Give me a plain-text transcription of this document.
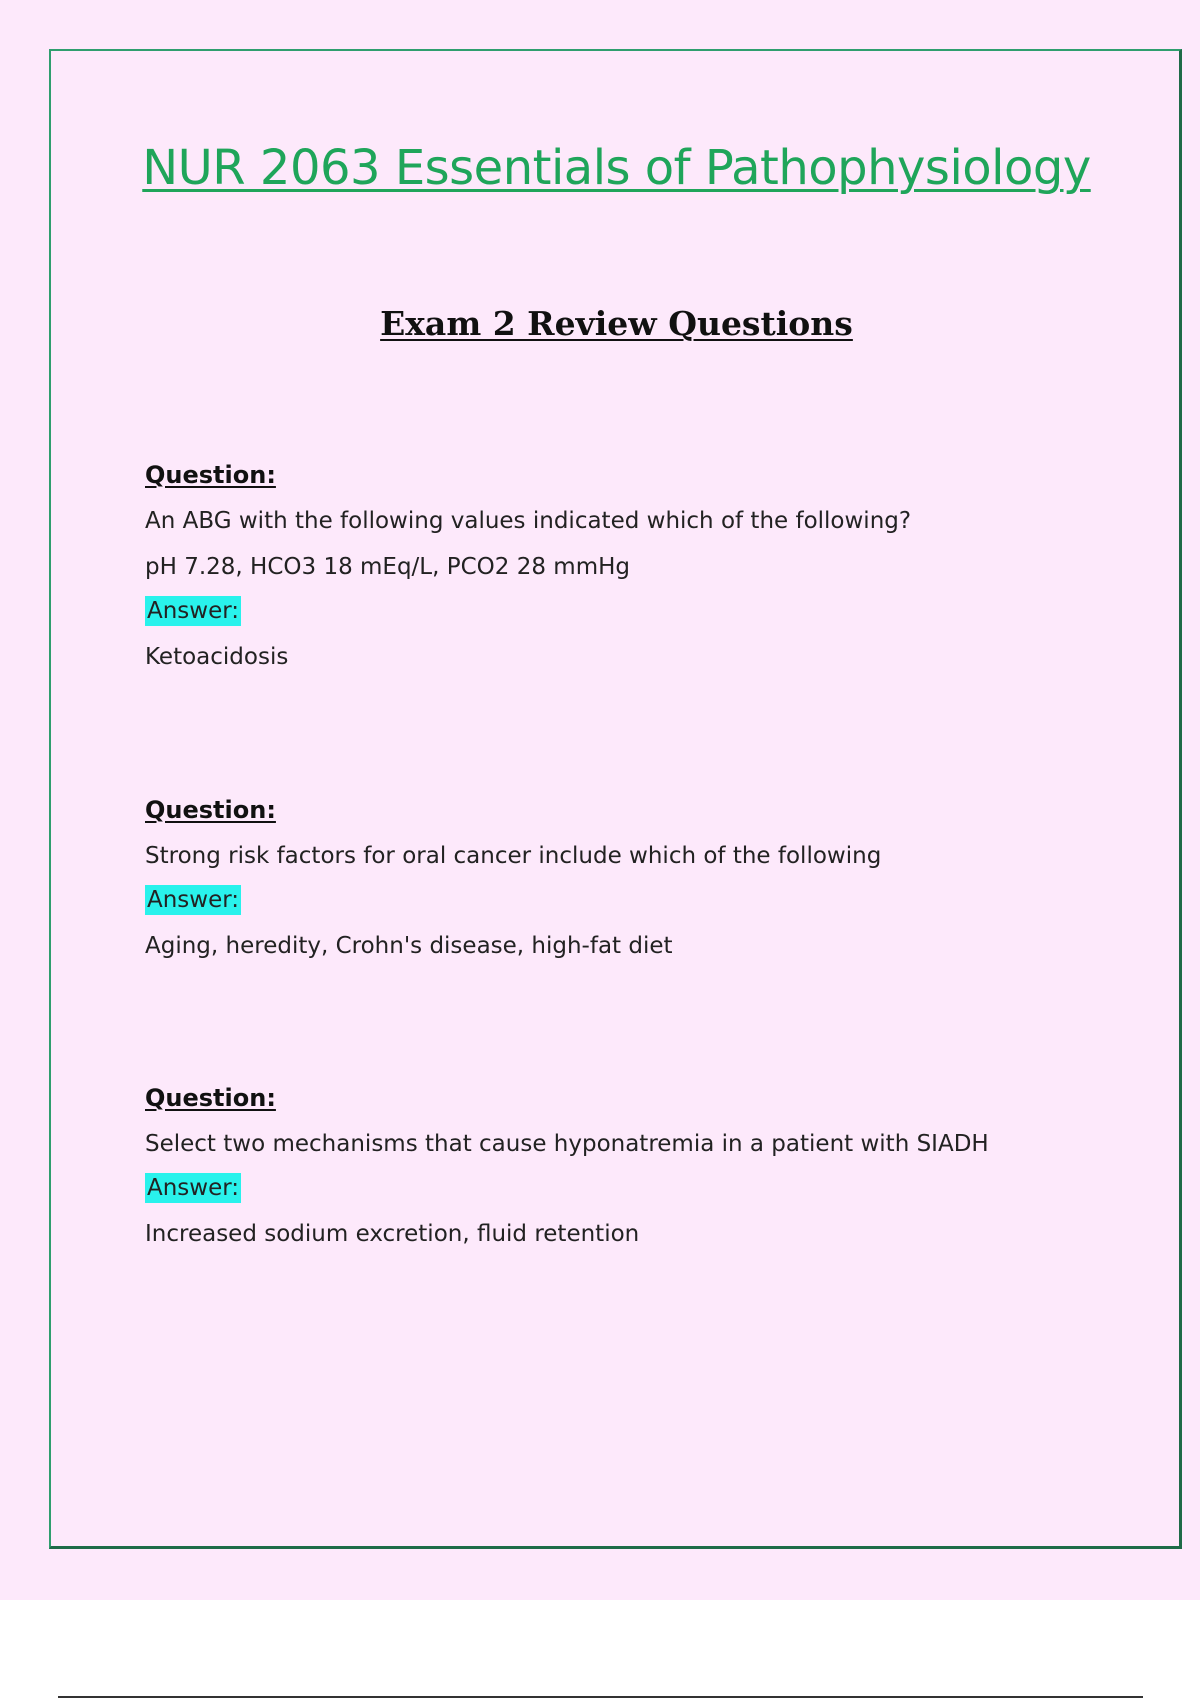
NUR 2063 Essentials of Pathophysiology
Exam 2 Review Questions
Question:
An ABG with the following values indicated which of the following?
pH 7.28, HCO3 18 mEq/L, PCO2 28 mmHg
Answer:
Ketoacidosis
Question:
Strong risk factors for oral cancer include which of the following
Answer:
Aging, heredity, Crohn's disease, high-fat diet
Question:
Select two mechanisms that cause hyponatremia in a patient with SIADH
Answer:
Increased sodium excretion, fluid retention
